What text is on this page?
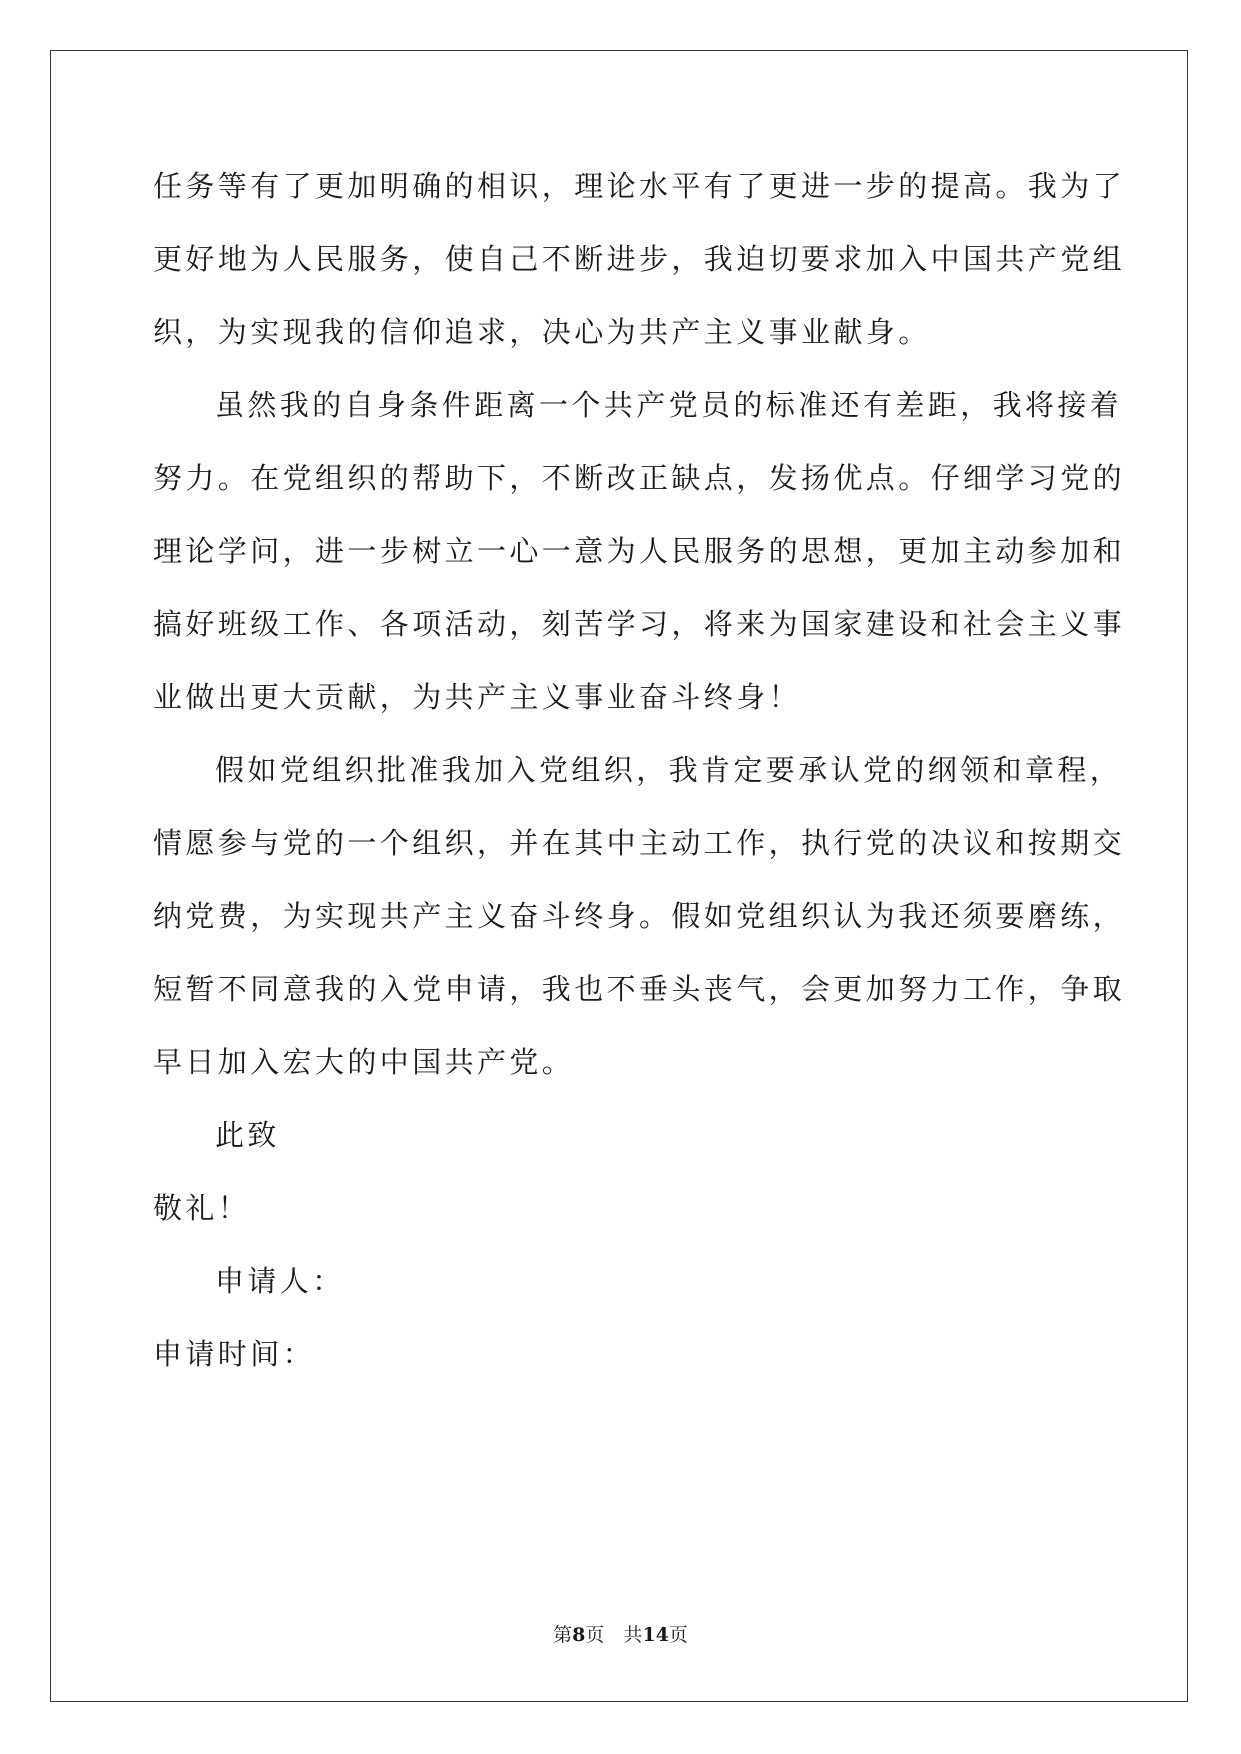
任务等有了更加明确的相识，理论水平有了更进一步的提高。我为了
更好地为人民服务，使自己不断进步，我迫切要求加入中国共产党组
织，为实现我的信仰追求，决心为共产主义事业献身。
虽然我的自身条件距离一个共产党员的标准还有差距，我将接着
努力。在党组织的帮助下，不断改正缺点，发扬优点。仔细学习党的
理论学问，进一步树立一心一意为人民服务的思想，更加主动参加和
搞好班级工作、各项活动，刻苦学习，将来为国家建设和社会主义事
业做出更大贡献，为共产主义事业奋斗终身！
假如党组织批准我加入党组织，我肯定要承认党的纲领和章程，
情愿参与党的一个组织，并在其中主动工作，执行党的决议和按期交
纳党费，为实现共产主义奋斗终身。假如党组织认为我还须要磨练，
短暂不同意我的入党申请，我也不垂头丧气，会更加努力工作，争取
早日加入宏大的中国共产党。
此致
敬礼！
申请人：
申请时间：
第8页　共14页
